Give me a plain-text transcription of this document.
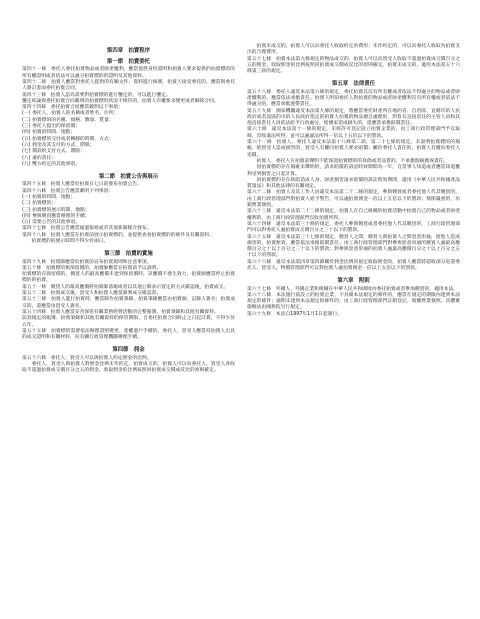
第四章　拍賣程序
第一節　拍賣委托

第四十一條　委托人委托拍賣物品或者財產權利，應當提供身份證明和拍賣人要求提供的拍賣標的的所有權證明或者依法可以處分拍賣標的的證明及其他資料。

第四十二條　拍賣人應當對委托人提供的有關文件、資料進行核實。拍賣人接受委托的，應當與委托人簽訂書面委托拍賣合同。

第四十三條　拍賣人認為需要對拍賣標的進行鑒定的，可以進行鑒定。

鑒定結論與委托拍賣合同載明的拍賣標的狀況不相符的，拍賣人有權要求變更或者解除合同。

第四十四條　委托拍賣合同應當載明以下事項：

(一) 委托人、拍賣人的名稱或者姓名、住所；

(二) 拍賣標的的名稱、規格、數量、質量；

(三) 委托人提出的保留價；

(四) 拍賣的時間、地點；

(五) 拍賣標的交付或者轉移的時間、方式；

(六) 佣金及其支付的方式、期限；

(七) 價款的支付方式、期限；

(八) 違約責任；

(九) 雙方約定的其他事項。

第二節　拍賣公告與展示

第四十五條　拍賣人應當於拍賣日七日前發布拍賣公告。

第四十六條　拍賣公告應當載明下列事項：

(一) 拍賣的時間、地點；

(二) 拍賣標的；

(三) 拍賣標的展示時間、地點；

(四) 參與競買應當辦理的手續；

(五) 需要公告的其他事項。

第四十七條　拍賣公告應當通過報紙或者其他新聞媒介發布。

第四十八條　拍賣人應當在拍賣前展示拍賣標的，並提供查看拍賣標的的條件及有關資料。

拍賣標的的展示時間不得少於兩日。

第三節　拍賣的實施

第四十九條　拍賣師應當於拍賣前宣布拍賣規則和注意事項。

第五十條　拍賣標的無保留價的，拍賣師應當在拍賣前予以說明。

拍賣標的有保留價的，競買人的最高應價未達到保留價時，該應價不發生效力，拍賣師應當停止拍賣標的的拍賣。

第五十一條　競買人的最高應價經拍賣師落槌或者以其他公開表示買定的方式確認後，拍賣成交。

第五十二條　拍賣成交後，買受人和拍賣人應當簽署成交確認書。

第五十三條　拍賣人進行拍賣時，應當制作拍賣筆錄。拍賣筆錄應當由拍賣師、記錄人簽名；拍賣成交的，還應當由買受人簽名。

第五十四條　拍賣人應當妥善保管有關業務經營活動的完整賬簿、拍賣筆錄和其他有關資料。

前款規定的賬簿、拍賣筆錄和其他有關資料的保管期限，自委托拍賣合同終止之日起計算，不得少於五年。

第五十五條　拍賣標的需要依法辦理證照變更、產權過戶手續的，委托人、買受人應當持拍賣人出具的成交證明和有關材料，向有關行政管理機關辦理手續。

第四節　佣金

第五十六條　委托人、買受人可以與拍賣人約定佣金的比例。

委托人、買受人與拍賣人對佣金比例未作約定，拍賣成交的，拍賣人可以向委托人、買受人各收取不超過拍賣成交價百分之五的佣金。收取佣金的比例按照同拍賣成交價成反比的原則確定。

拍賣未成交的，拍賣人可以向委托人收取約定的費用；未作約定的，可以向委托人收取為拍賣支出的合理費用。

第五十七條　拍賣本法第九條規定的物品成交的，拍賣人可以向買受人收取不超過拍賣成交價百分之五的佣金。收取佣金的比例按照同拍賣成交價成反比的原則確定。拍賣未成交的，適用本法第五十六條第三款的規定。

第五章　法律責任

第五十八條　委托人違反本法第六條的規定，委托拍賣其沒有所有權或者依法不得處分的物品或者財產權利的，應當依法承擔責任。拍賣人明知委托人對拍賣的物品或者財產權利沒有所有權或者依法不得處分的，應當承擔連帶責任。

第五十九條　國家機關違反本法第九條的規定，將應當委托財產所在地的省、自治區、直轄市的人民政府或者設區的市的人民政府指定的拍賣人拍賣的物品擅自處理的，對負有直接責任的主管人員和其他直接責任人員依法給予行政處分，給國家造成損失的，還應當承擔賠償責任。

第六十條　違反本法第十一條的規定，未經許可登記設立拍賣企業的，由工商行政管理部門予以取締，沒收違法所得，並可以處違法所得一倍以上五倍以下的罰款。

第六十一條　拍賣人、委托人違反本法第十八條第二款、第二十七條的規定，未說明拍賣標的的瑕疵，給買受人造成損害的，買受人有權向拍賣人要求賠償；屬於委托人責任的，拍賣人有權向委托人追償。

拍賣人、委托人在拍賣前聲明不能保證拍賣標的的真偽或者品質的，不承擔瑕疵擔保責任。

因拍賣標的存在瑕疵未聲明的，請求賠償的訴訟時效期間為一年，自當事人知道或者應當知道權利受到損害之日起計算。

因拍賣標的存在缺陷造成人身、財產損害請求賠償的訴訟時效期間，適用《中華人民共和國產品質量法》和其他法律的有關規定。

第六十二條　拍賣人及其工作人員違反本法第二十二條的規定，參與競買或者委托他人代其競買的，由工商行政管理部門對拍賣人給予警告，可以處拍賣佣金一倍以上五倍以下的罰款；情節嚴重的，吊銷營業執照。

第六十三條　違反本法第二十三條的規定，拍賣人在自己組織的拍賣活動中拍賣自己的物品或者財產權利的，由工商行政管理部門沒收拍賣所得。

第六十四條　違反本法第三十條的規定，委托人參與競買或者委托他人代其競買的，工商行政管理部門可以對委托人處拍賣成交價百分之三十以下的罰款。

第六十五條　違反本法第三十七條的規定，競買人之間、競買人與拍賣人之間惡意串通，給他人造成損害的，拍賣無效，應當依法承擔賠償責任。由工商行政管理部門對參與惡意串通的競買人處最高應價百分之十以上百分之三十以下的罰款；對參與惡意串通的拍賣人處最高應價百分之十以上百分之五十以下的罰款。

第六十六條　違反本法第四章第四節關於佣金比例的規定收取佣金的，拍賣人應當將超收部分返還委托人、買受人。物價管理部門可以對拍賣人處拍賣佣金一倍以上五倍以下的罰款。

第六章　附則

第六十七條　外國人、外國企業和組織在中華人民共和國境內委托拍賣或者參加競買的，適用本法。

第六十八條　本法施行前設立的拍賣企業，不具備本法規定的條件的，應當在規定的期限內達到本法規定的條件；逾期未達到本法規定的條件的，由工商行政管理部門註銷登記，收繳營業執照。具體實施辦法由國務院另行規定。

第六十九條　本法自1997年1月1日起施行。
